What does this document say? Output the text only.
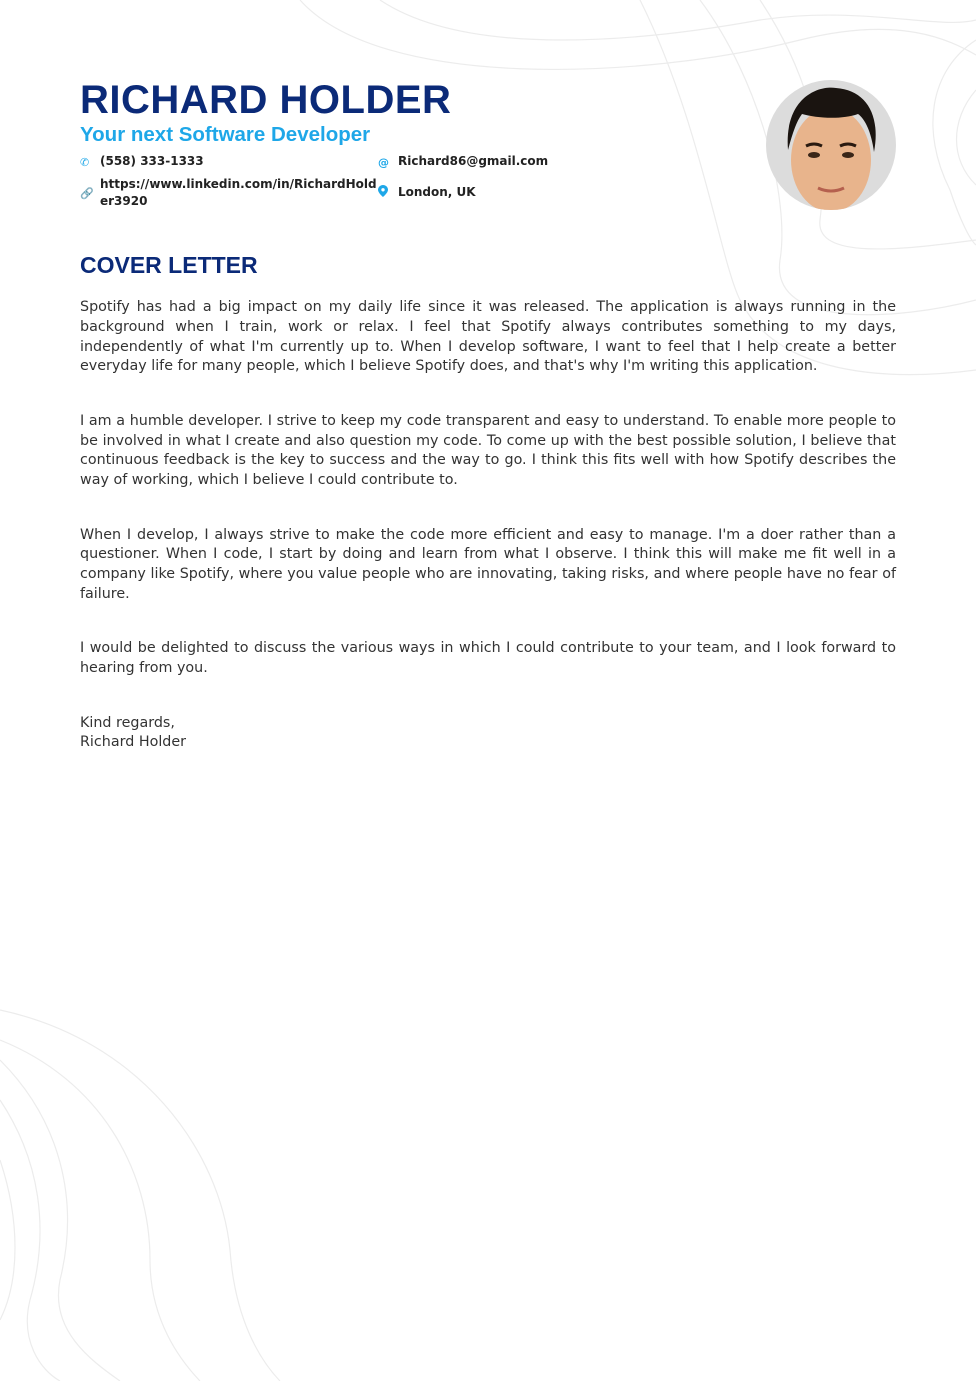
RICHARD HOLDER
Your next Software Developer
✆ (558) 333-1333	@ Richard86@gmail.com
🔗
https://www.linkedin.com/in/RichardHold
er3920
London, UK
COVER LETTER

Spotify has had a big impact on my daily life since it was released. The application is always running in the background when I train, work or relax. I feel that Spotify always contributes something to my days, independently of what I'm currently up to. When I develop software, I want to feel that I help create a better everyday life for many people, which I believe Spotify does, and that's why I'm writing this application.

I am a humble developer. I strive to keep my code transparent and easy to understand. To enable more people to be involved in what I create and also question my code. To come up with the best possible solution, I believe that continuous feedback is the key to success and the way to go. I think this fits well with how Spotify describes the way of working, which I believe I could contribute to.

When I develop, I always strive to make the code more efficient and easy to manage. I'm a doer rather than a questioner. When I code, I start by doing and learn from what I observe. I think this will make me fit well in a company like Spotify, where you value people who are innovating, taking risks, and where people have no fear of failure.

I would be delighted to discuss the various ways in which I could contribute to your team, and I look forward to hearing from you.

Kind regards,
Richard Holder
